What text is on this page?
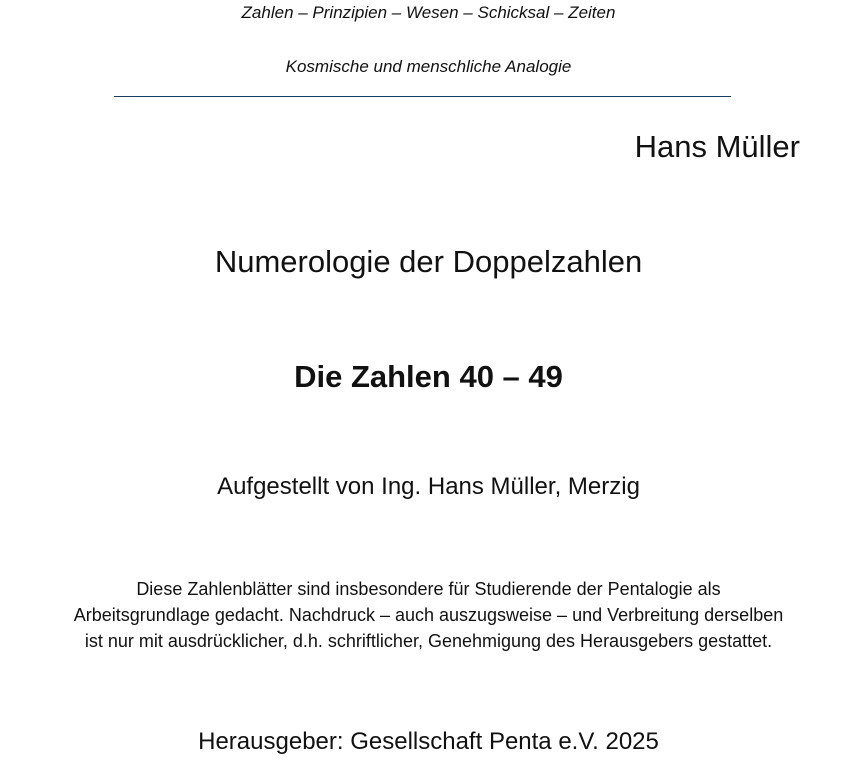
Zahlen – Prinzipien – Wesen – Schicksal – Zeiten
Kosmische und menschliche Analogie
Hans Müller
Numerologie der Doppelzahlen
Die Zahlen 40 – 49
Aufgestellt von Ing. Hans Müller, Merzig
Diese Zahlenblätter sind insbesondere für Studierende der Pentalogie als
Arbeitsgrundlage gedacht. Nachdruck – auch auszugsweise – und Verbreitung derselben
ist nur mit ausdrücklicher, d.h. schriftlicher, Genehmigung des Herausgebers gestattet.
Herausgeber: Gesellschaft Penta e.V. 2025
